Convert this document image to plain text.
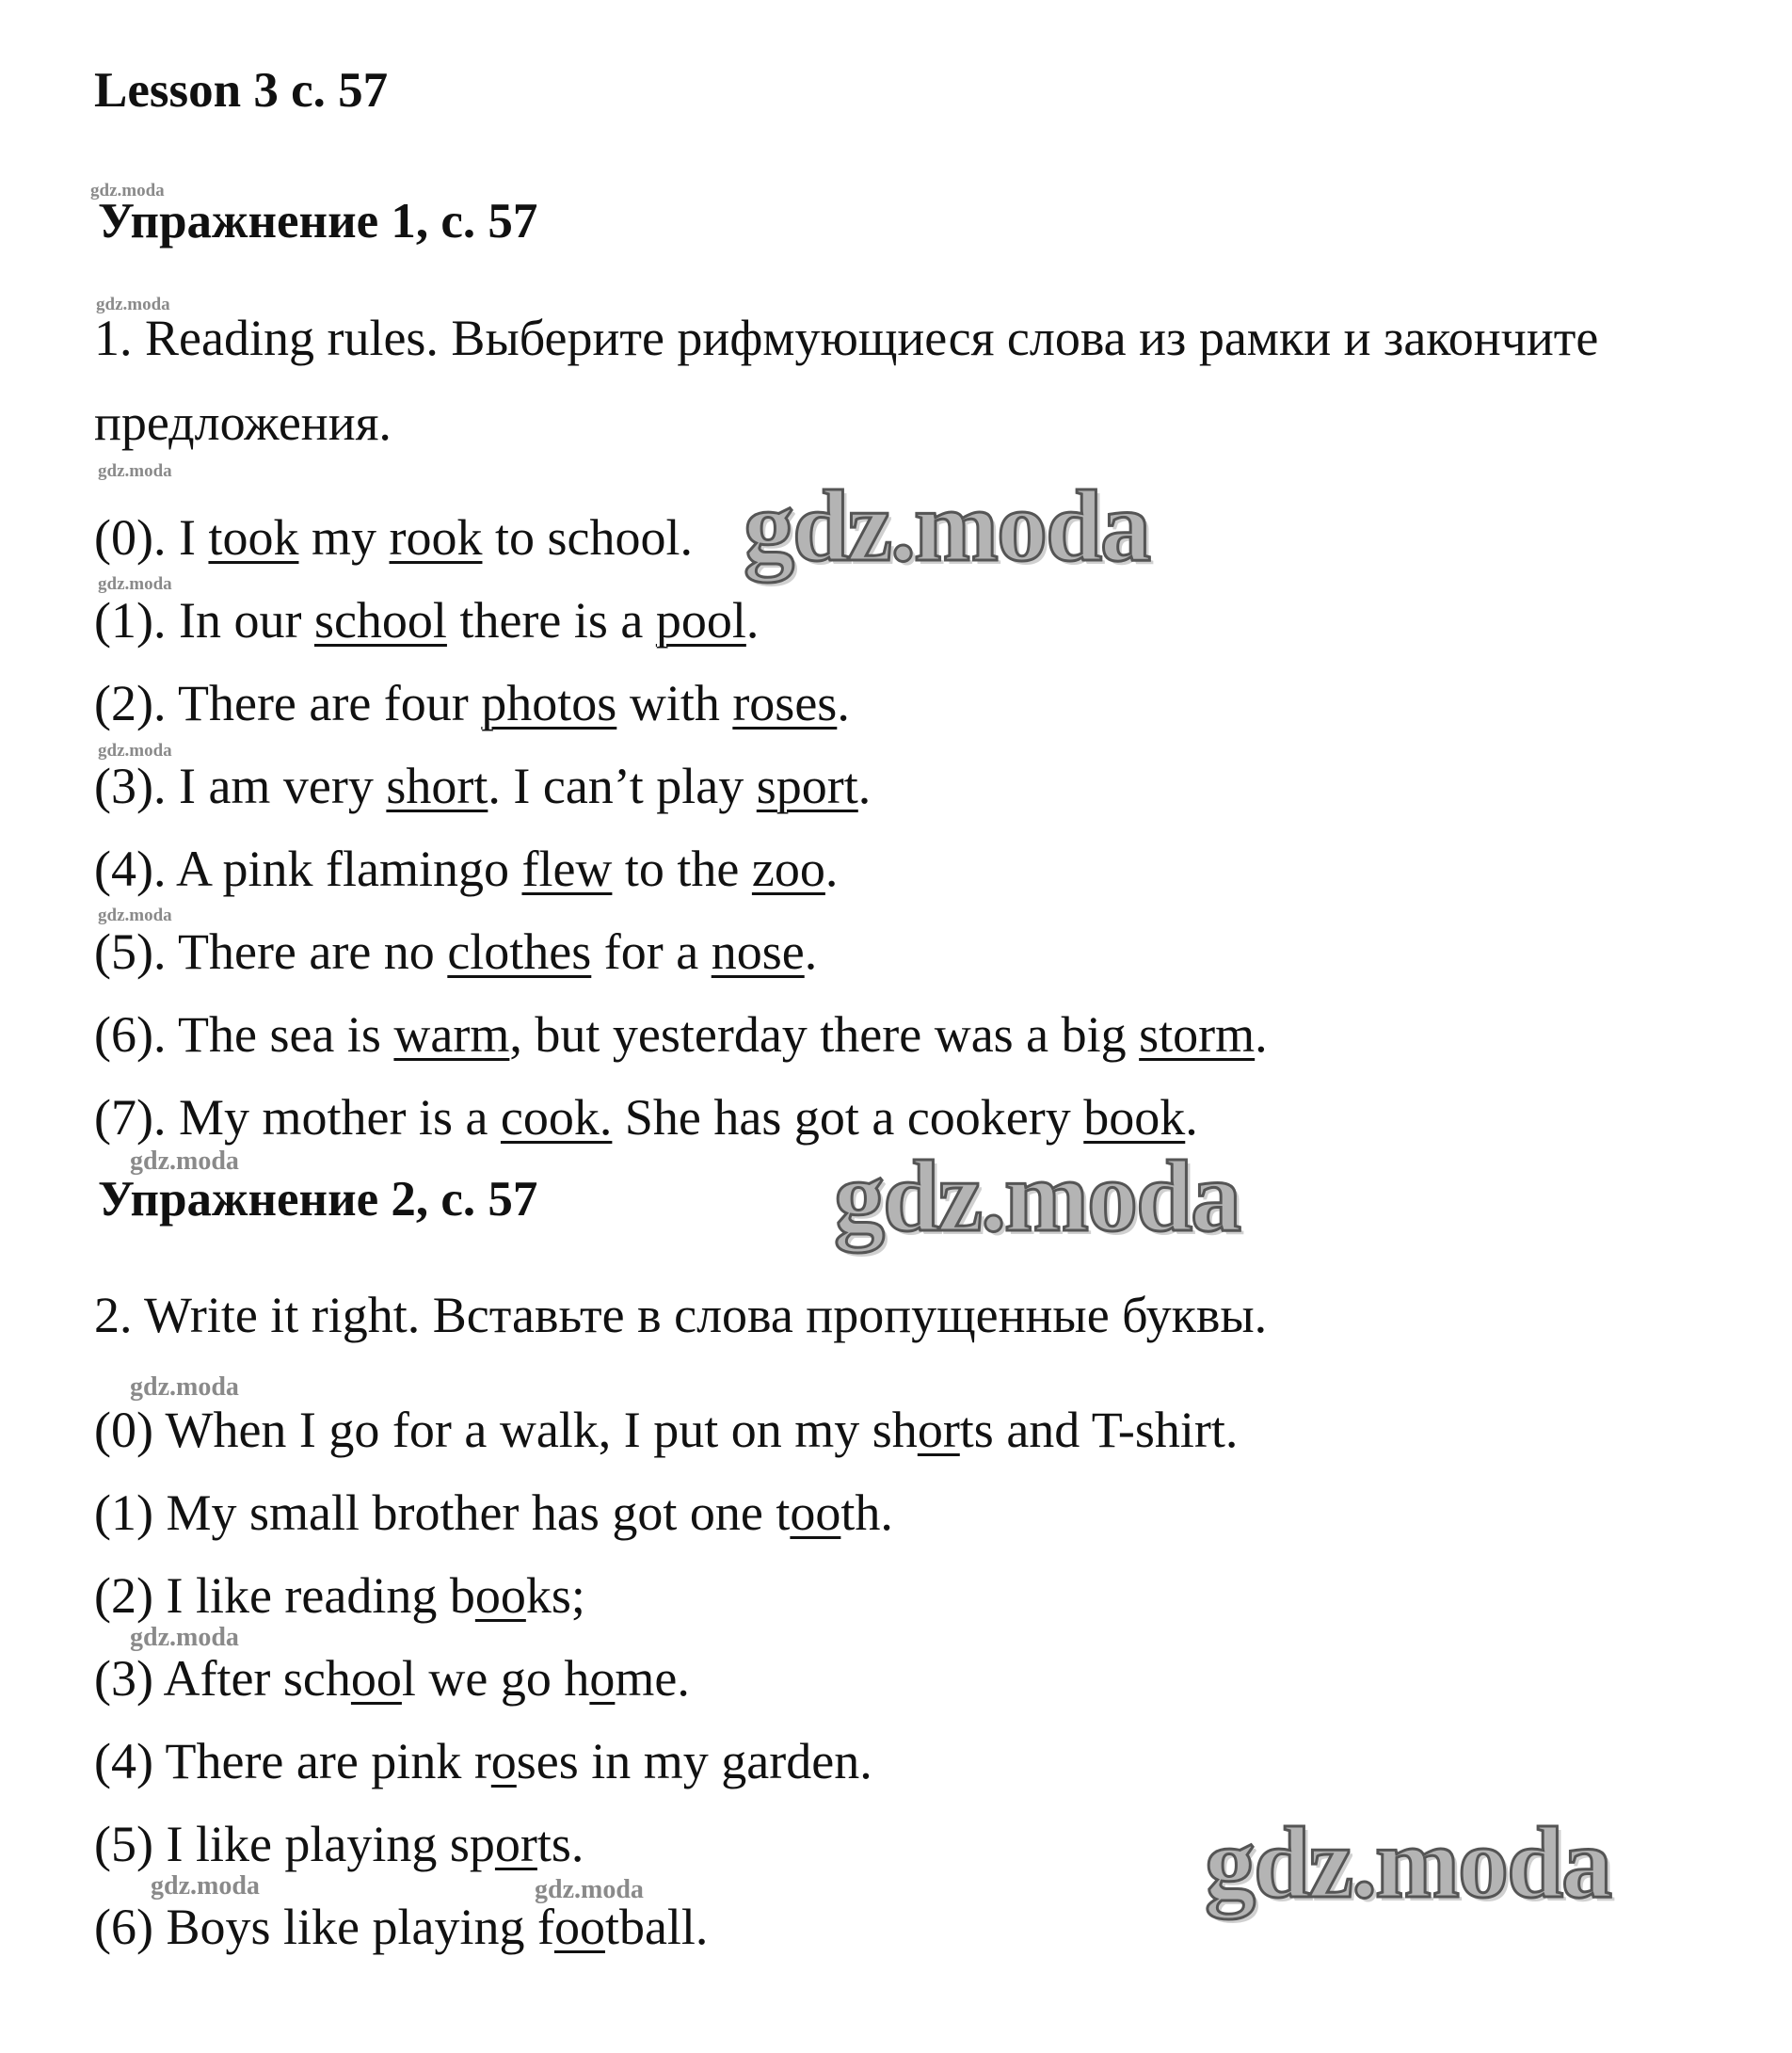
Lesson 3 с. 57
gdz.moda
Упражнение 1, с. 57
gdz.moda
1. Reading rules. Выберите рифмующиеся слова из рамки и закончите
предложения.
gdz.moda
(0). I took my rook to school. gdz.moda
gdz.moda
(1). In our school there is a pool.
(2). There are four photos with roses.
gdz.moda
(3). I am very short. I can’t play sport.
(4). A pink flamingo flew to the zoo.
gdz.moda
(5). There are no clothes for a nose.
(6). The sea is warm, but yesterday there was a big storm.
(7). My mother is a cook. She has got a cookery book.
gdz.moda
Упражнение 2, с. 57	gdz.moda
2. Write it right. Вставьте в слова пропущенные буквы.
gdz.moda
(0) When I go for a walk, I put on my shorts and T-shirt.
(1) My small brother has got one tooth.
(2) I like reading books;
gdz.moda
(3) After school we go home.
(4) There are pink roses in my garden.
(5) I like playing sports.	gdz.moda
gdz.moda	gdz.moda
(6) Boys like playing football.
